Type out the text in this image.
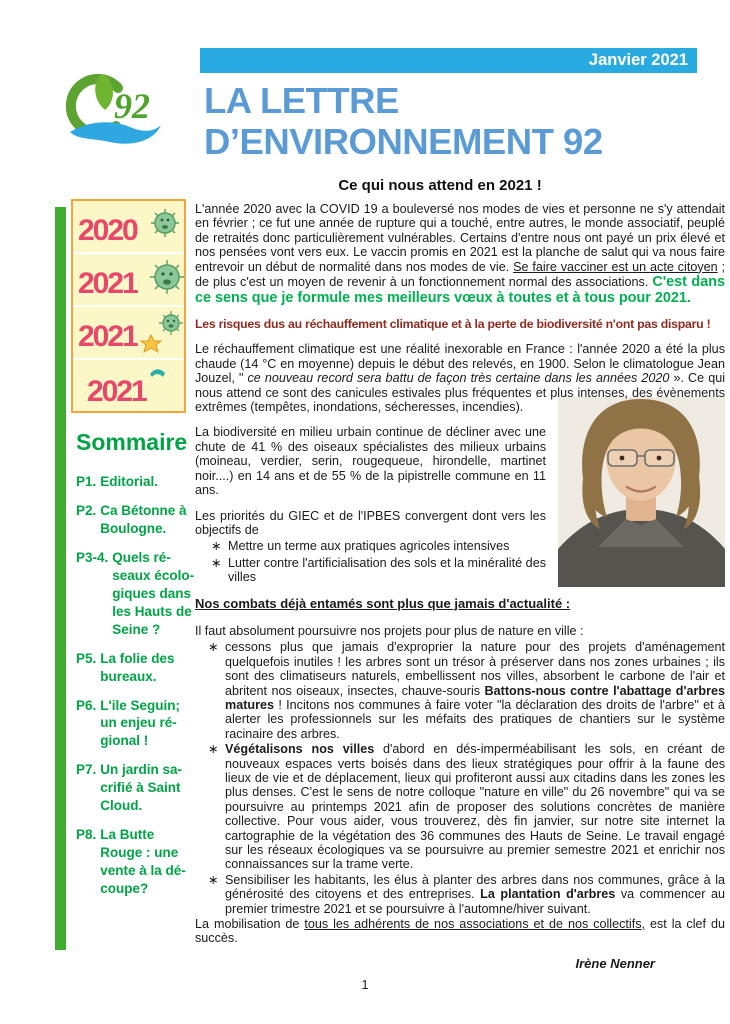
Janvier 2021
92 LA LETTRE
D’ENVIRONNEMENT 92
Ce qui nous attend en 2021 !
2020
2021
2021
2021
Sommaire
P1. Editorial.
P2. Ca Bétonne à Boulogne.
P3-4. Quels réseaux écologiques dans les Hauts de Seine ?
P5. La folie des bureaux.
P6. L'ile Seguin; un enjeu régional !
P7. Un jardin sacrifié à Saint Cloud.
P8. La Butte Rouge : une vente à la découpe?

L'année 2020 avec la COVID 19 a bouleversé nos modes de vies et personne ne s'y attendait en février ; ce fut une année de rupture qui a touché, entre autres, le monde associatif, peuplé de retraités donc particulièrement vulnérables. Certains d'entre nous ont payé un prix élevé et nos pensées vont vers eux. Le vaccin promis en 2021 est la planche de salut qui va nous faire entrevoir un début de normalité dans nos modes de vie. Se faire vacciner est un acte citoyen ; de plus c'est un moyen de revenir à un fonctionnement normal des associations. C'est dans ce sens que je formule mes meilleurs vœux à toutes et à tous pour 2021.

Les risques dus au réchauffement climatique et à la perte de biodiversité n'ont pas disparu !

Le réchauffement climatique est une réalité inexorable en France : l'année 2020 a été la plus chaude (14 °C en moyenne) depuis le début des relevés, en 1900. Selon le climatologue Jean Jouzel, " ce nouveau record sera battu de façon très certaine dans les années 2020 ». Ce qui nous attend ce sont des canicules estivales plus fréquentes et plus intenses, des évènements extrêmes (tempêtes, inondations, sécheresses, incendies).

La biodiversité en milieu urbain continue de décliner avec une chute de 41 % des oiseaux spécialistes des milieux urbains (moineau, verdier, serin, rougequeue, hirondelle, martinet noir....) en 14 ans et de 55 % de la pipistrelle commune en 11 ans.

Les priorités du GIEC et de l'IPBES convergent dont vers les objectifs de

∗ Mettre un terme aux pratiques agricoles intensives
∗ Lutter contre l'artificialisation des sols et la minéralité des villes
Nos combats déjà entamés sont plus que jamais d'actualité :

Il faut absolument poursuivre nos projets pour plus de nature en ville :

∗ cessons plus que jamais d'exproprier la nature pour des projets d'aménagement quelquefois inutiles ! les arbres sont un trésor à préserver dans nos zones urbaines ; ils sont des climatiseurs naturels, embellissent nos villes, absorbent le carbone de l'air et abritent nos oiseaux, insectes, chauve-souris Battons-nous contre l'abattage d'arbres matures ! Incitons nos communes à faire voter "la déclaration des droits de l'arbre" et à alerter les professionnels sur les méfaits des pratiques de chantiers sur le système racinaire des arbres.
∗ Végétalisons nos villes d'abord en dés-imperméabilisant les sols, en créant de nouveaux espaces verts boisés dans des lieux stratégiques pour offrir à la faune des lieux de vie et de déplacement, lieux qui profiteront aussi aux citadins dans les zones les plus denses. C'est le sens de notre colloque "nature en ville" du 26 novembre" qui va se poursuivre au printemps 2021 afin de proposer des solutions concrètes de manière collective. Pour vous aider, vous trouverez, dès fin janvier, sur notre site internet la cartographie de la végétation des 36 communes des Hauts de Seine. Le travail engagé sur les réseaux écologiques va se poursuivre au premier semestre 2021 et enrichir nos connaissances sur la trame verte.
∗ Sensibiliser les habitants, les élus à planter des arbres dans nos communes, grâce à la générosité des citoyens et des entreprises. La plantation d'arbres va commencer au premier trimestre 2021 et se poursuivre à l'automne/hiver suivant.

La mobilisation de tous les adhérents de nos associations et de nos collectifs, est la clef du succès.

Irène Nenner
1
